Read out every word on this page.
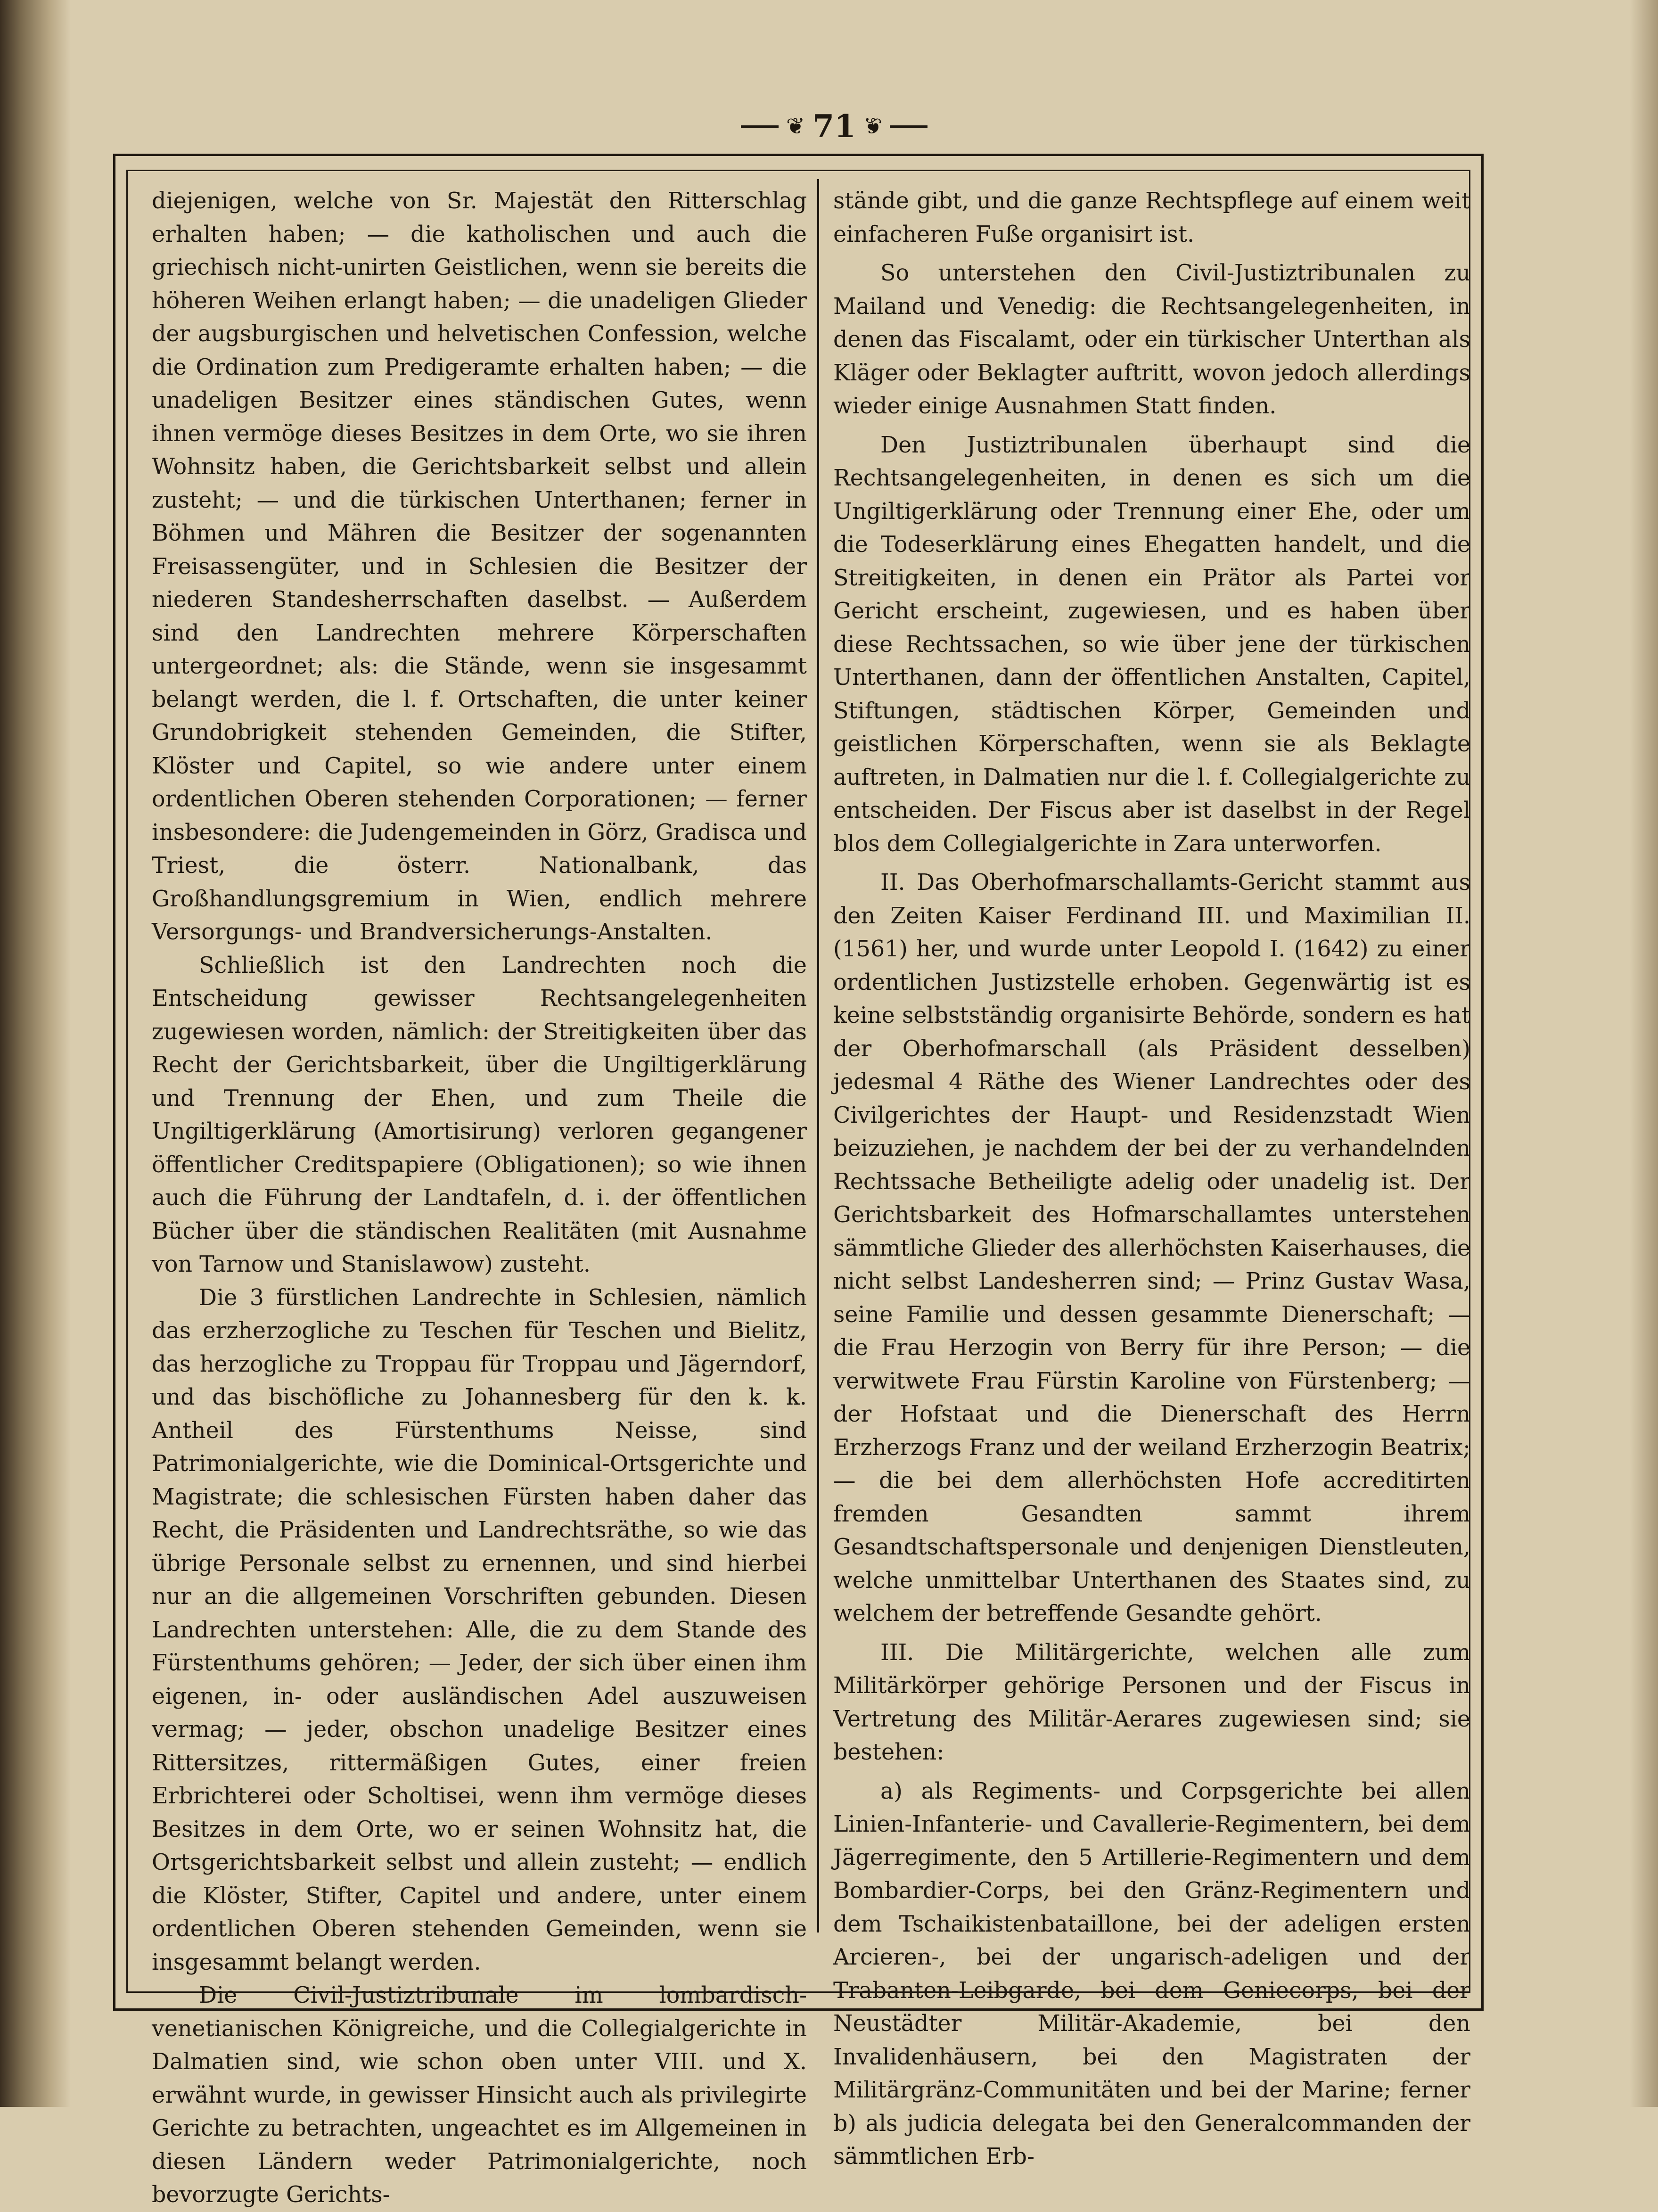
❦ 71 ❦

diejenigen, welche von Sr. Majestät den Ritterschlag erhalten haben; — die katholischen und auch die griechisch nicht-unirten Geistlichen, wenn sie bereits die höheren Weihen erlangt haben; — die unadeligen Glieder der augsburgischen und helvetischen Confession, welche die Ordination zum Predigeramte erhalten haben; — die unadeligen Besitzer eines ständischen Gutes, wenn ihnen vermöge dieses Besitzes in dem Orte, wo sie ihren Wohnsitz haben, die Gerichtsbarkeit selbst und allein zusteht; — und die türkischen Unterthanen; ferner in Böhmen und Mähren die Besitzer der sogenannten Freisassengüter, und in Schlesien die Besitzer der niederen Standesherrschaften daselbst. — Außerdem sind den Landrechten mehrere Körperschaften untergeordnet; als: die Stände, wenn sie insgesammt belangt werden, die l. f. Ortschaften, die unter keiner Grundobrigkeit stehenden Gemeinden, die Stifter, Klöster und Capitel, so wie andere unter einem ordentlichen Oberen stehenden Corporationen; — ferner insbesondere: die Judengemeinden in Görz, Gradisca und Triest, die österr. Nationalbank, das Großhandlungsgremium in Wien, endlich mehrere Versorgungs- und Brandversicherungs-Anstalten.

Schließlich ist den Landrechten noch die Entscheidung gewisser Rechtsangelegenheiten zugewiesen worden, nämlich: der Streitigkeiten über das Recht der Gerichtsbarkeit, über die Ungiltigerklärung und Trennung der Ehen, und zum Theile die Ungiltigerklärung (Amortisirung) verloren gegangener öffentlicher Creditspapiere (Obligationen); so wie ihnen auch die Führung der Landtafeln, d. i. der öffentlichen Bücher über die ständischen Realitäten (mit Ausnahme von Tarnow und Stanislawow) zusteht.

Die 3 fürstlichen Landrechte in Schlesien, nämlich das erzherzogliche zu Teschen für Teschen und Bielitz, das herzogliche zu Troppau für Troppau und Jägerndorf, und das bischöfliche zu Johannesberg für den k. k. Antheil des Fürstenthums Neisse, sind Patrimonialgerichte, wie die Dominical-Ortsgerichte und Magistrate; die schlesischen Fürsten haben daher das Recht, die Präsidenten und Landrechtsräthe, so wie das übrige Personale selbst zu ernennen, und sind hierbei nur an die allgemeinen Vorschriften gebunden. Diesen Landrechten unterstehen: Alle, die zu dem Stande des Fürstenthums gehören; — Jeder, der sich über einen ihm eigenen, in- oder ausländischen Adel auszuweisen vermag; — jeder, obschon unadelige Besitzer eines Rittersitzes, rittermäßigen Gutes, einer freien Erbrichterei oder Scholtisei, wenn ihm vermöge dieses Besitzes in dem Orte, wo er seinen Wohnsitz hat, die Ortsgerichtsbarkeit selbst und allein zusteht; — endlich die Klöster, Stifter, Capitel und andere, unter einem ordentlichen Oberen stehenden Gemeinden, wenn sie insgesammt belangt werden.

Die Civil-Justiztribunale im lombardisch-venetianischen Königreiche, und die Collegialgerichte in Dalmatien sind, wie schon oben unter VIII. und X. erwähnt wurde, in gewisser Hinsicht auch als privilegirte Gerichte zu betrachten, ungeachtet es im Allgemeinen in diesen Ländern weder Patrimonialgerichte, noch bevorzugte Gerichts-

stände gibt, und die ganze Rechtspflege auf einem weit einfacheren Fuße organisirt ist.

So unterstehen den Civil-Justiztribunalen zu Mailand und Venedig: die Rechtsangelegenheiten, in denen das Fiscalamt, oder ein türkischer Unterthan als Kläger oder Beklagter auftritt, wovon jedoch allerdings wieder einige Ausnahmen Statt finden.

Den Justiztribunalen überhaupt sind die Rechtsangelegenheiten, in denen es sich um die Ungiltigerklärung oder Trennung einer Ehe, oder um die Todeserklärung eines Ehegatten handelt, und die Streitigkeiten, in denen ein Prätor als Partei vor Gericht erscheint, zugewiesen, und es haben über diese Rechtssachen, so wie über jene der türkischen Unterthanen, dann der öffentlichen Anstalten, Capitel, Stiftungen, städtischen Körper, Gemeinden und geistlichen Körperschaften, wenn sie als Beklagte auftreten, in Dalmatien nur die l. f. Collegialgerichte zu entscheiden. Der Fiscus aber ist daselbst in der Regel blos dem Collegialgerichte in Zara unterworfen.

II. Das Oberhofmarschallamts-Gericht stammt aus den Zeiten Kaiser Ferdinand III. und Maximilian II. (1561) her, und wurde unter Leopold I. (1642) zu einer ordentlichen Justizstelle erhoben. Gegenwärtig ist es keine selbstständig organisirte Behörde, sondern es hat der Oberhofmarschall (als Präsident desselben) jedesmal 4 Räthe des Wiener Landrechtes oder des Civilgerichtes der Haupt- und Residenzstadt Wien beizuziehen, je nachdem der bei der zu verhandelnden Rechtssache Betheiligte adelig oder unadelig ist. Der Gerichtsbarkeit des Hofmarschallamtes unterstehen sämmtliche Glieder des allerhöchsten Kaiserhauses, die nicht selbst Landesherren sind; — Prinz Gustav Wasa, seine Familie und dessen gesammte Dienerschaft; — die Frau Herzogin von Berry für ihre Person; — die verwitwete Frau Fürstin Karoline von Fürstenberg; — der Hofstaat und die Dienerschaft des Herrn Erzherzogs Franz und der weiland Erzherzogin Beatrix; — die bei dem allerhöchsten Hofe accreditirten fremden Gesandten sammt ihrem Gesandtschaftspersonale und denjenigen Dienstleuten, welche unmittelbar Unterthanen des Staates sind, zu welchem der betreffende Gesandte gehört.

III. Die Militärgerichte, welchen alle zum Militärkörper gehörige Personen und der Fiscus in Vertretung des Militär-Aerares zugewiesen sind; sie bestehen:

a) als Regiments- und Corpsgerichte bei allen Linien-Infanterie- und Cavallerie-Regimentern, bei dem Jägerregimente, den 5 Artillerie-Regimentern und dem Bombardier-Corps, bei den Gränz-Regimentern und dem Tschaikistenbataillone, bei der adeligen ersten Arcieren-, bei der ungarisch-adeligen und der Trabanten-Leibgarde, bei dem Geniecorps, bei der Neustädter Militär-Akademie, bei den Invalidenhäusern, bei den Magistraten der Militärgränz-Communitäten und bei der Marine; ferner b) als judicia delegata bei den Generalcommanden der sämmtlichen Erb-
